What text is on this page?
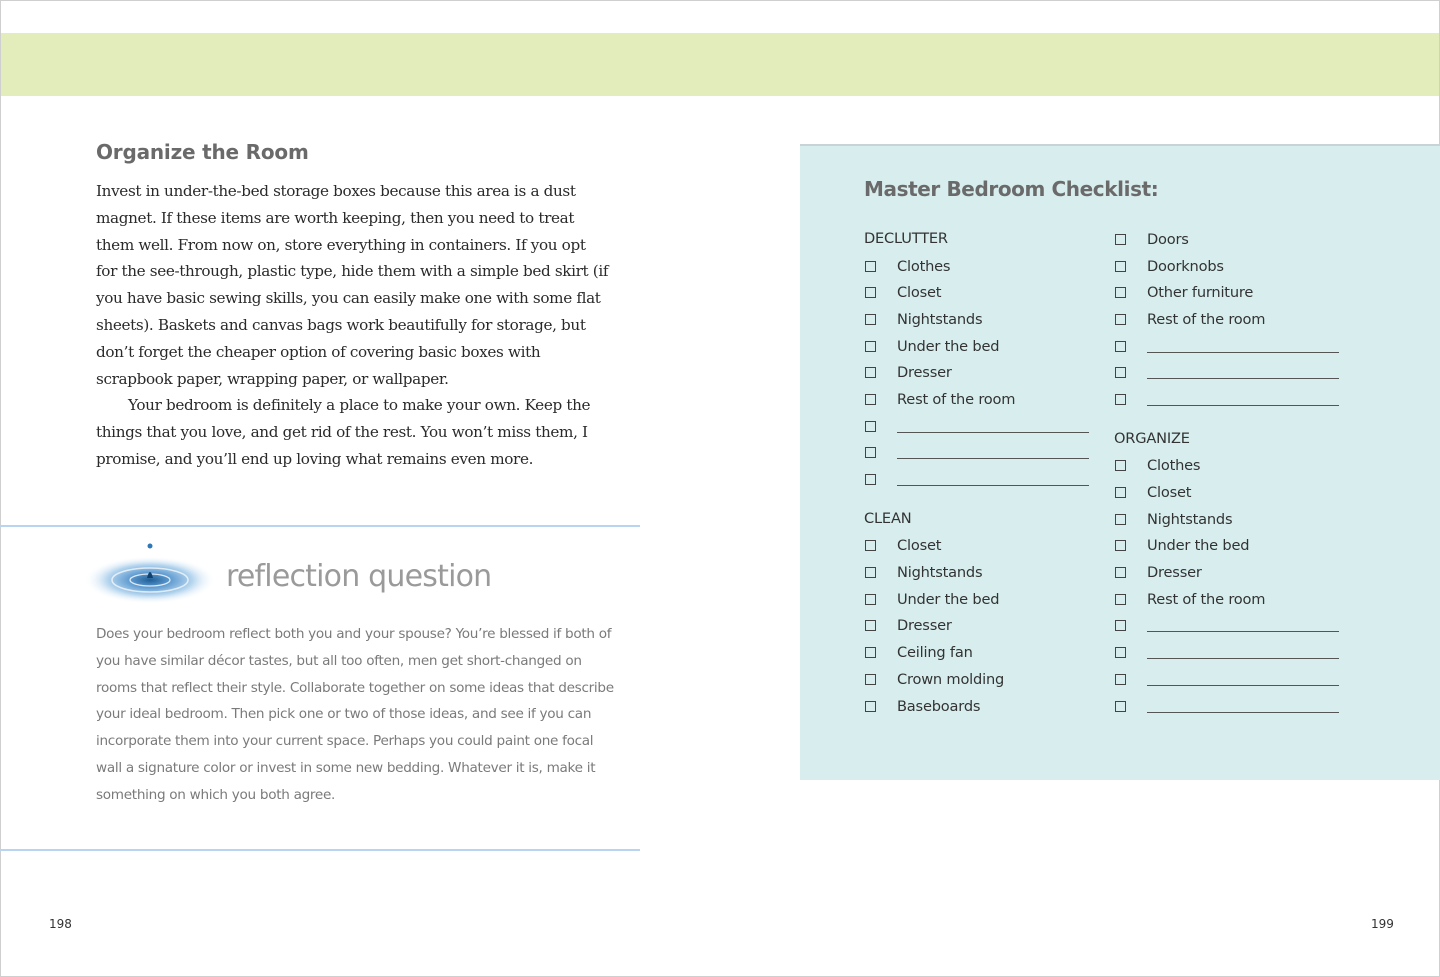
Organize the Room

Invest in under-the-bed storage boxes because this area is a dust magnet. If these items are worth keeping, then you need to treat them well. From now on, store everything in containers. If you opt for the see-through, plastic type, hide them with a simple bed skirt (if you have basic sewing skills, you can easily make one with some flat sheets). Baskets and canvas bags work beautifully for storage, but don’t forget the cheaper option of covering basic boxes with scrapbook paper, wrapping paper, or wallpaper.

Your bedroom is definitely a place to make your own. Keep the things that you love, and get rid of the rest. You won’t miss them, I promise, and you’ll end up loving what remains even more.

reflection question
Does your bedroom reflect both you and your spouse? You’re blessed if both of you have similar décor tastes, but all too often, men get short-changed on rooms that reflect their style. Collaborate together on some ideas that describe your ideal bedroom. Then pick one or two of those ideas, and see if you can incorporate them into your current space. Perhaps you could paint one focal wall a signature color or invest in some new bedding. Whatever it is, make it something on which you both agree.
198
Master Bedroom Checklist:
DECLUTTER
Clothes
Closet
Nightstands
Under the bed
Dresser
Rest of the room
CLEAN
Closet
Nightstands
Under the bed
Dresser
Ceiling fan
Crown molding
Baseboards
Doors
Doorknobs
Other furniture
Rest of the room
ORGANIZE
Clothes
Closet
Nightstands
Under the bed
Dresser
Rest of the room
199
